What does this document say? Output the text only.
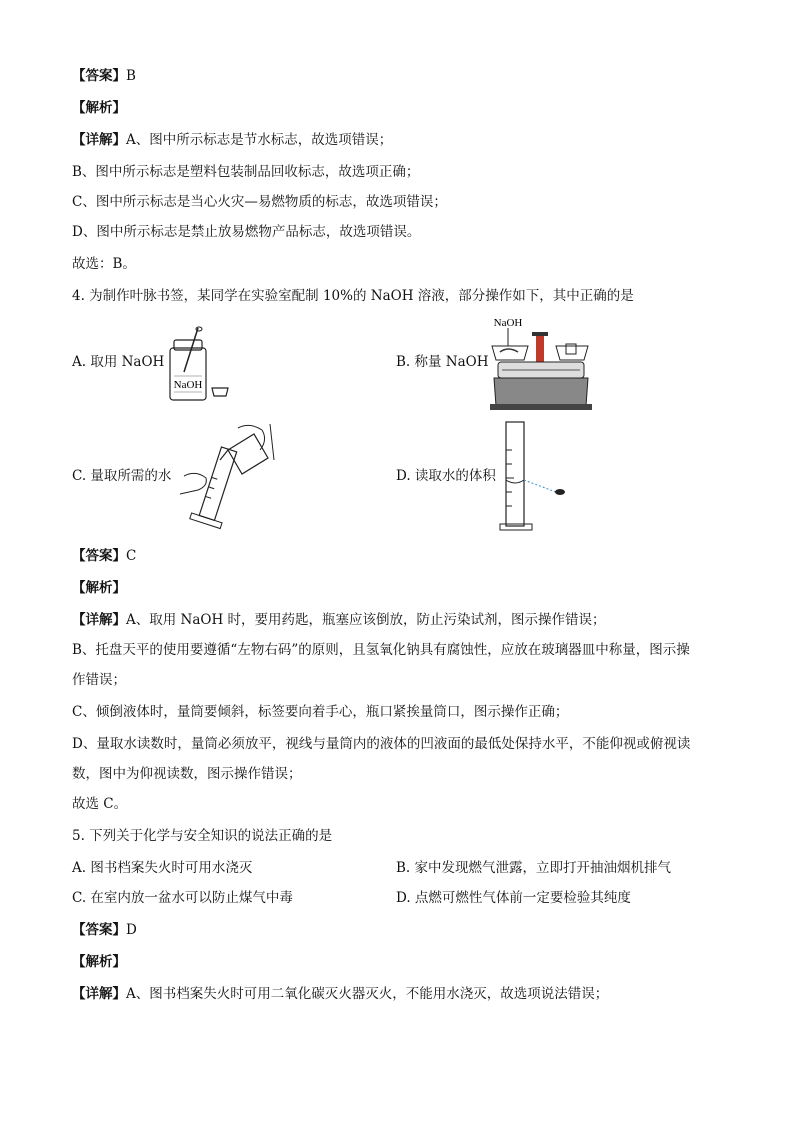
【答案】B
【解析】
【详解】A、图中所示标志是节水标志，故选项错误；
B、图中所示标志是塑料包装制品回收标志，故选项正确；
C、图中所示标志是当心火灾—易燃物质的标志，故选项错误；
D、图中所示标志是禁止放易燃物产品标志，故选项错误。
故选：B。
4. 为制作叶脉书签，某同学在实验室配制 10%的 NaOH 溶液，部分操作如下，其中正确的是
A. 取用 NaOH
NaOH
B. 称量 NaOH
NaOH
C. 量取所需的水	D. 读取水的体积
【答案】C
【解析】
【详解】A、取用 NaOH 时，要用药匙，瓶塞应该倒放，防止污染试剂，图示操作错误；
B、托盘天平的使用要遵循“左物右码”的原则，且氢氧化钠具有腐蚀性，应放在玻璃器皿中称量，图示操
作错误；
C、倾倒液体时，量筒要倾斜，标签要向着手心，瓶口紧挨量筒口，图示操作正确；
D、量取水读数时，量筒必须放平，视线与量筒内的液体的凹液面的最低处保持水平，不能仰视或俯视读
数，图中为仰视读数，图示操作错误；
故选 C。
5. 下列关于化学与安全知识的说法正确的是
A. 图书档案失火时可用水浇灭	B. 家中发现燃气泄露，立即打开抽油烟机排气
C. 在室内放一盆水可以防止煤气中毒	D. 点燃可燃性气体前一定要检验其纯度
【答案】D
【解析】
【详解】A、图书档案失火时可用二氧化碳灭火器灭火，不能用水浇灭，故选项说法错误；
